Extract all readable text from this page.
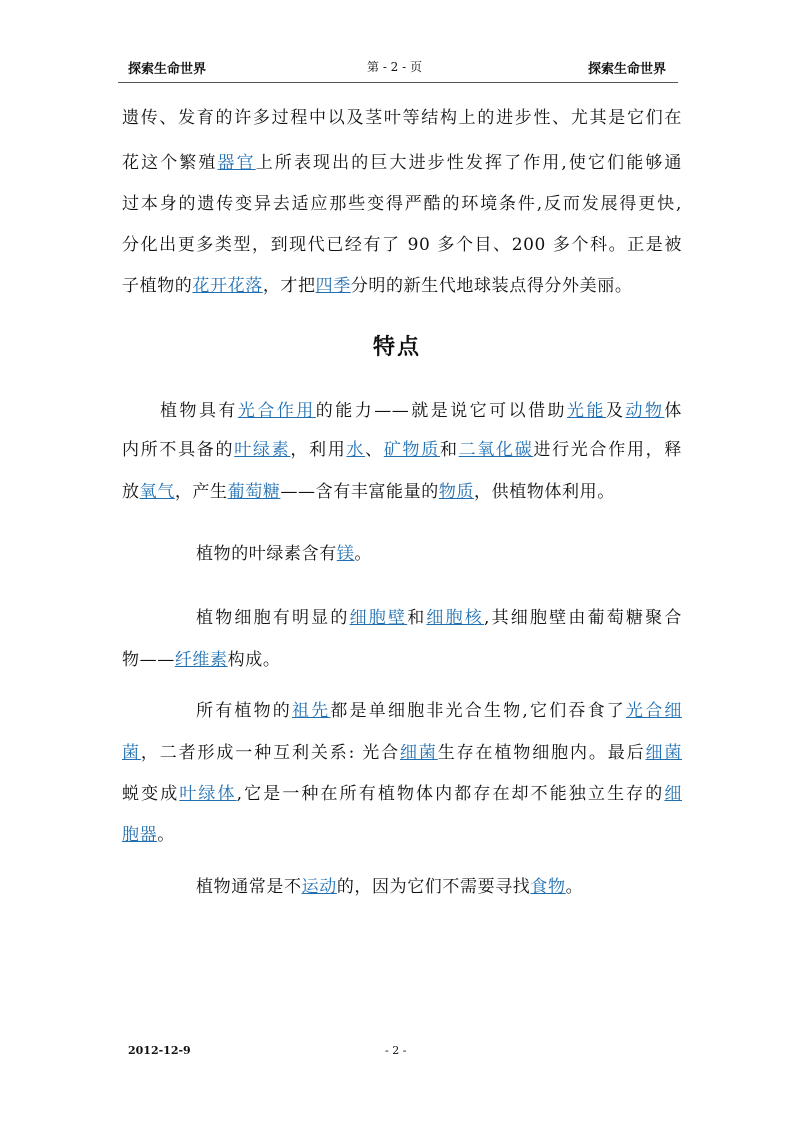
探索生命世界	第 - 2 - 页	探索生命世界
遗传、发育的许多过程中以及茎叶等结构上的进步性、尤其是它们在
花这个繁殖器官上所表现出的巨大进步性发挥了作用,使它们能够通
过本身的遗传变异去适应那些变得严酷的环境条件,反而发展得更快,
分化出更多类型，到现代已经有了 90 多个目、200 多个科。正是被
子植物的花开花落，才把四季分明的新生代地球装点得分外美丽。
特点
植物具有光合作用的能力——就是说它可以借助光能及动物体
内所不具备的叶绿素，利用水、矿物质和二氧化碳进行光合作用，释
放氧气，产生葡萄糖——含有丰富能量的物质，供植物体利用。
植物的叶绿素含有镁。
植物细胞有明显的细胞壁和细胞核,其细胞壁由葡萄糖聚合
物——纤维素构成。
所有植物的祖先都是单细胞非光合生物,它们吞食了光合细
菌，二者形成一种互利关系: 光合细菌生存在植物细胞内。最后细菌
蜕变成叶绿体,它是一种在所有植物体内都存在却不能独立生存的细
胞器。
植物通常是不运动的，因为它们不需要寻找食物。
2012-12-9	- 2 -
